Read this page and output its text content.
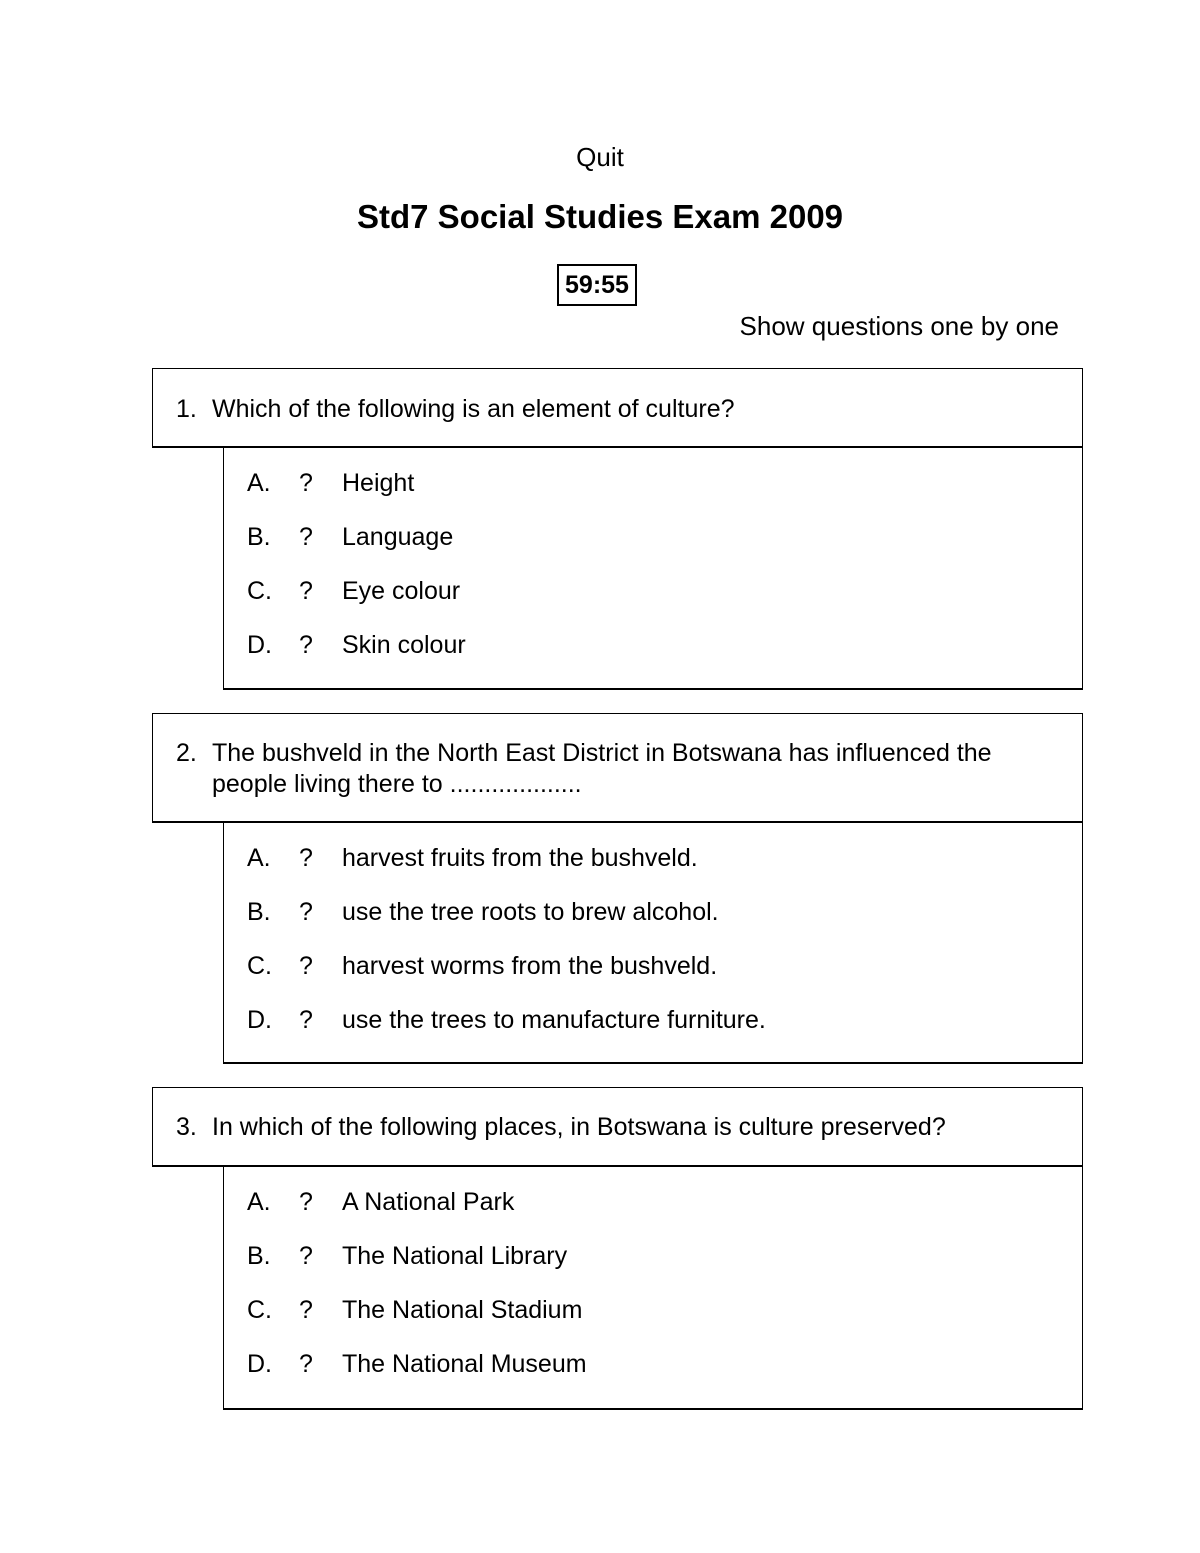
Quit
Std7 Social Studies Exam 2009
59:55
Show questions one by one
1. Which of the following is an element of culture?
A.	?	Height
B.	?	Language
C.	?	Eye colour
D.	?	Skin colour
2. The bushveld in the North East District in Botswana has influenced the people living there to ...................
A.	?	harvest fruits from the bushveld.
B.	?	use the tree roots to brew alcohol.
C.	?	harvest worms from the bushveld.
D.	?	use the trees to manufacture furniture.
3. In which of the following places, in Botswana is culture preserved?
A.	?	A National Park
B.	?	The National Library
C.	?	The National Stadium
D.	?	The National Museum
